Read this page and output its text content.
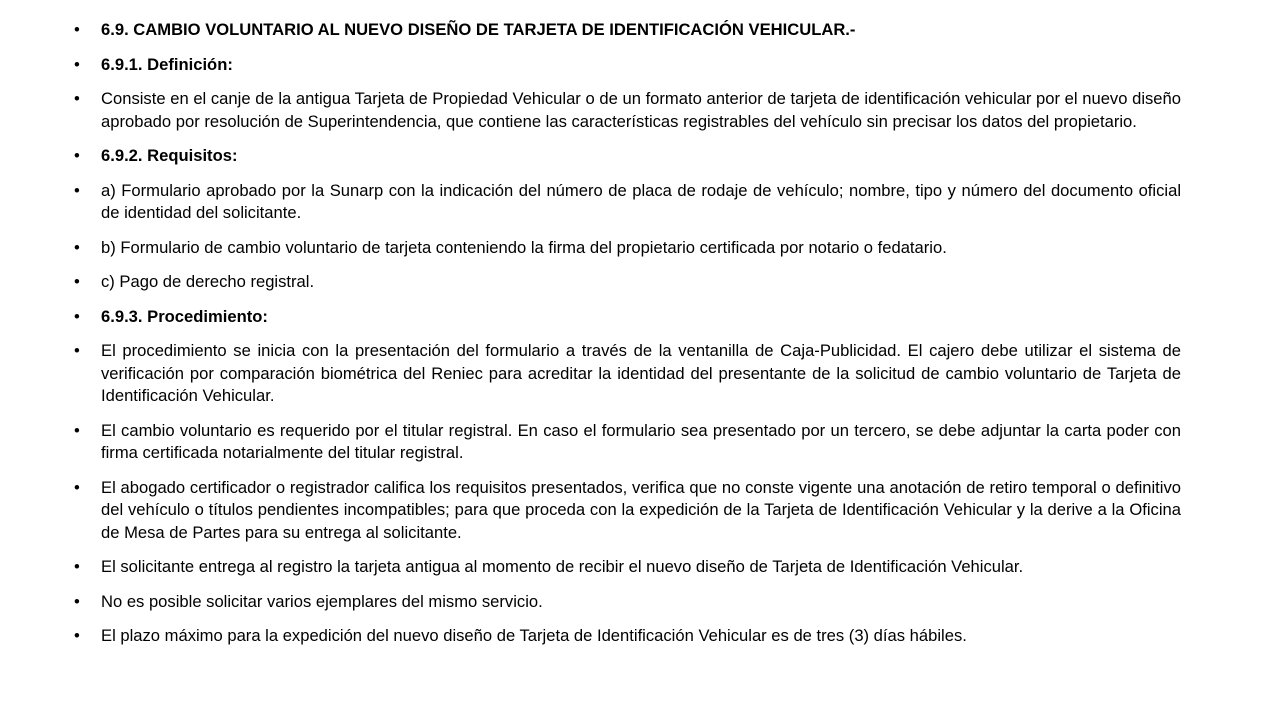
•	6.9. CAMBIO VOLUNTARIO AL NUEVO DISEÑO DE TARJETA DE IDENTIFICACIÓN VEHICULAR.-
•	6.9.1. Definición:
•	Consiste en el canje de la antigua Tarjeta de Propiedad Vehicular o de un formato anterior de tarjeta de identificación vehicular por el nuevo diseño aprobado por resolución de Superintendencia, que contiene las características registrables del vehículo sin precisar los datos del propietario.
•	6.9.2. Requisitos:
•	a) Formulario aprobado por la Sunarp con la indicación del número de placa de rodaje de vehículo; nombre, tipo y número del documento oficial de identidad del solicitante.
•	b) Formulario de cambio voluntario de tarjeta conteniendo la firma del propietario certificada por notario o fedatario.
•	c) Pago de derecho registral.
•	6.9.3. Procedimiento:
•	El procedimiento se inicia con la presentación del formulario a través de la ventanilla de Caja-Publicidad. El cajero debe utilizar el sistema de verificación por comparación biométrica del Reniec para acreditar la identidad del presentante de la solicitud de cambio voluntario de Tarjeta de Identificación Vehicular.
•	El cambio voluntario es requerido por el titular registral. En caso el formulario sea presentado por un tercero, se debe adjuntar la carta poder con firma certificada notarialmente del titular registral.
•	El abogado certificador o registrador califica los requisitos presentados, verifica que no conste vigente una anotación de retiro temporal o definitivo del vehículo o títulos pendientes incompatibles; para que proceda con la expedición de la Tarjeta de Identificación Vehicular y la derive a la Oficina de Mesa de Partes para su entrega al solicitante.
•	El solicitante entrega al registro la tarjeta antigua al momento de recibir el nuevo diseño de Tarjeta de Identificación Vehicular.
•	No es posible solicitar varios ejemplares del mismo servicio.
•	El plazo máximo para la expedición del nuevo diseño de Tarjeta de Identificación Vehicular es de tres (3) días hábiles.
